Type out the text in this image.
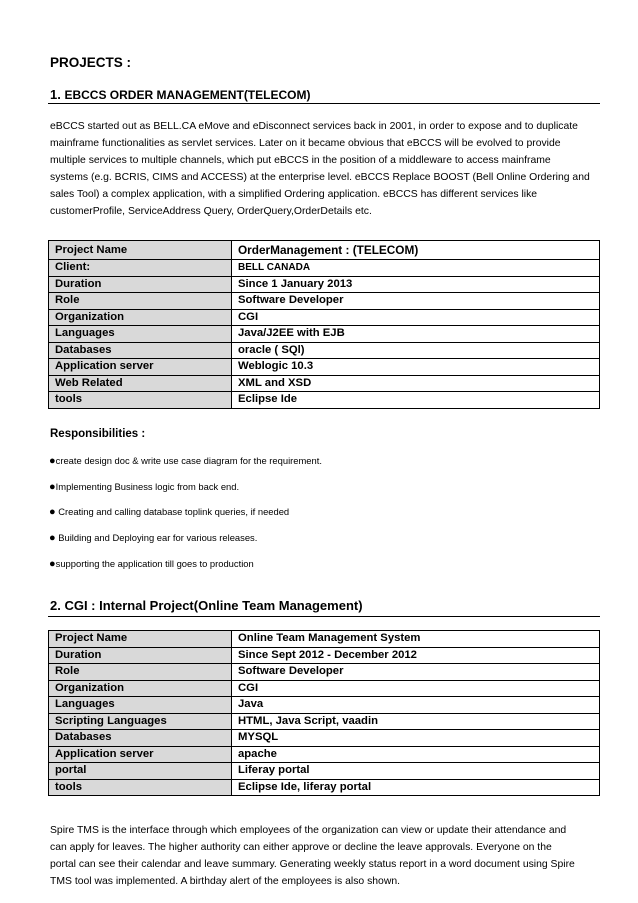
PROJECTS :
1. EBCCS ORDER MANAGEMENT(TELECOM)
eBCCS started out as BELL.CA eMove and eDisconnect services back in 2001, in order to expose and to duplicate
mainframe functionalities as servlet services. Later on it became obvious that eBCCS will be evolved to provide
multiple services to multiple channels, which put eBCCS in the position of a middleware to access mainframe
systems (e.g. BCRIS, CIMS and ACCESS) at the enterprise level. eBCCS Replace BOOST (Bell Online Ordering and
sales Tool) a complex application, with a simplified Ordering application. eBCCS has different services like
customerProfile, ServiceAddress Query, OrderQuery,OrderDetails etc.
Project Name	OrderManagement : (TELECOM)
Client:	BELL CANADA
Duration	Since 1 January 2013
Role	Software Developer
Organization	CGI
Languages	Java/J2EE with EJB
Databases	oracle ( SQl)
Application server	Weblogic 10.3
Web Related	XML and XSD
tools	Eclipse Ide
Responsibilities :
●create design doc & write use case diagram for the requirement.
●Implementing Business logic from back end.
● Creating and calling database toplink queries, if needed
● Building and Deploying ear for various releases.
●supporting the application till goes to production
2. CGI : Internal Project(Online Team Management)
Project Name	Online Team Management System
Duration	Since Sept 2012 - December 2012
Role	Software Developer
Organization	CGI
Languages	Java
Scripting Languages	HTML, Java Script, vaadin
Databases	MYSQL
Application server	apache
portal	Liferay portal
tools	Eclipse Ide, liferay portal
Spire TMS is the interface through which employees of the organization can view or update their attendance and
can apply for leaves. The higher authority can either approve or decline the leave approvals. Everyone on the
portal can see their calendar and leave summary. Generating weekly status report in a word document using Spire
TMS tool was implemented. A birthday alert of the employees is also shown.
